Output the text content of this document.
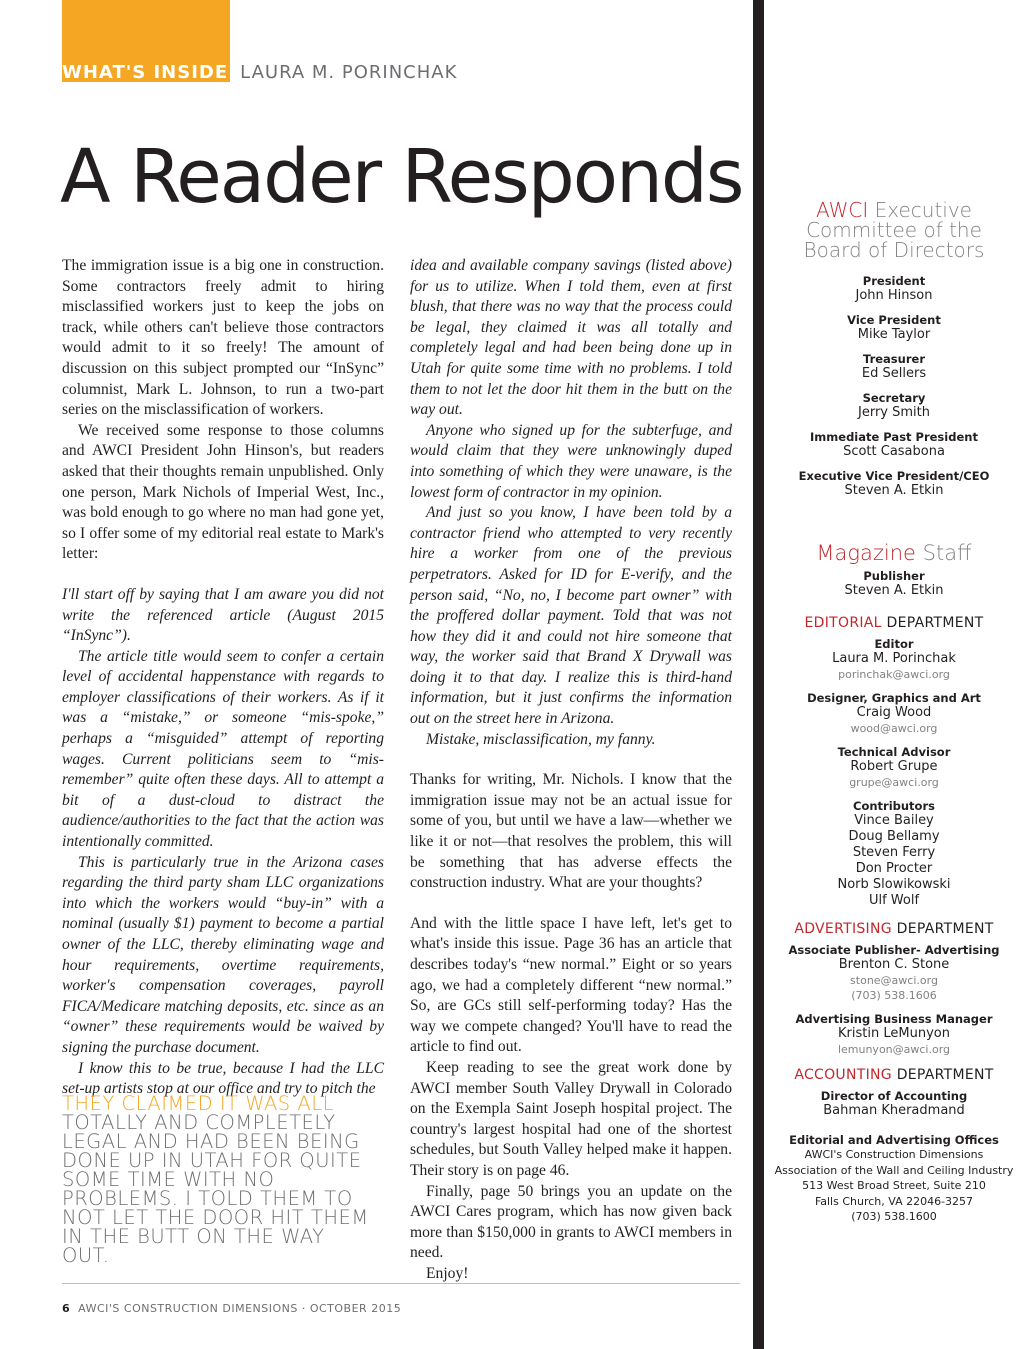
WHAT'S INSIDE LAURA M. PORINCHAK
A Reader Responds

The immigration issue is a big one in construction. Some contractors freely admit to hiring misclassified workers just to keep the jobs on track, while others can't believe those contractors would admit to it so freely! The amount of discussion on this subject prompted our “InSync” columnist, Mark L. Johnson, to run a two-part series on the misclassification of workers.

We received some response to those columns and AWCI President John Hinson's, but readers asked that their thoughts remain unpublished. Only one person, Mark Nichols of Imperial West, Inc., was bold enough to go where no man had gone yet, so I offer some of my editorial real estate to Mark's letter:

I'll start off by saying that I am aware you did not write the referenced article (August 2015 “InSync”).

The article title would seem to confer a certain level of accidental happenstance with regards to employer classifications of their workers. As if it was a “mistake,” or someone “mis-spoke,” perhaps a “misguided” attempt of reporting wages. Current politicians seem to “mis-remember” quite often these days. All to attempt a bit of a dust-cloud to distract the audience/authorities to the fact that the action was intentionally committed.

This is particularly true in the Arizona cases regarding the third party sham LLC organizations into which the workers would “buy-in” with a nominal (usually $1) payment to become a partial owner of the LLC, thereby eliminating wage and hour requirements, overtime requirements, worker's compensation coverages, payroll FICA/Medicare matching deposits, etc. since as an “owner” these requirements would be waived by signing the purchase document.

I know this to be true, because I had the LLC set-up artists stop at our office and try to pitch the

THEY CLAIMED IT WAS ALL TOTALLY AND COMPLETELY LEGAL AND HAD BEEN BEING DONE UP IN UTAH FOR QUITE SOME TIME WITH NO PROBLEMS. I TOLD THEM TO NOT LET THE DOOR HIT THEM IN THE BUTT ON THE WAY OUT.

idea and available company savings (listed above) for us to utilize. When I told them, even at first blush, that there was no way that the process could be legal, they claimed it was all totally and completely legal and had been being done up in Utah for quite some time with no problems. I told them to not let the door hit them in the butt on the way out.

Anyone who signed up for the subterfuge, and would claim that they were unknowingly duped into something of which they were unaware, is the lowest form of contractor in my opinion.

And just so you know, I have been told by a contractor friend who attempted to very recently hire a worker from one of the previous perpetrators. Asked for ID for E-verify, and the person said, “No, no, I become part owner” with the proffered dollar payment. Told that was not how they did it and could not hire someone that way, the worker said that Brand X Drywall was doing it to that day. I realize this is third-hand information, but it just confirms the information out on the street here in Arizona.

Mistake, misclassification, my fanny.

Thanks for writing, Mr. Nichols. I know that the immigration issue may not be an actual issue for some of you, but until we have a law—whether we like it or not—that resolves the problem, this will be something that has adverse effects the construction industry. What are your thoughts?

And with the little space I have left, let's get to what's inside this issue. Page 36 has an article that describes today's “new normal.” Eight or so years ago, we had a completely different “new normal.” So, are GCs still self-performing today? Has the way we compete changed? You'll have to read the article to find out.

Keep reading to see the great work done by AWCI member South Valley Drywall in Colorado on the Exempla Saint Joseph hospital project. The country's largest hospital had one of the shortest schedules, but South Valley helped make it happen. Their story is on page 46.

Finally, page 50 brings you an update on the AWCI Cares program, which has now given back more than $150,000 in grants to AWCI members in need.

Enjoy!

6 AWCI'S CONSTRUCTION DIMENSIONS · OCTOBER 2015
AWCI Executive
Committee of the
Board of Directors
President
John Hinson
Vice President
Mike Taylor
Treasurer
Ed Sellers
Secretary
Jerry Smith
Immediate Past President
Scott Casabona
Executive Vice President/CEO
Steven A. Etkin
Magazine Staff
Publisher
Steven A. Etkin
EDITORIAL DEPARTMENT
Editor
Laura M. Porinchak
porinchak@awci.org
Designer, Graphics and Art
Craig Wood
wood@awci.org
Technical Advisor
Robert Grupe
grupe@awci.org
Contributors
Vince Bailey
Doug Bellamy
Steven Ferry
Don Procter
Norb Slowikowski
Ulf Wolf
ADVERTISING DEPARTMENT
Associate Publisher- Advertising
Brenton C. Stone
stone@awci.org
(703) 538.1606
Advertising Business Manager
Kristin LeMunyon
lemunyon@awci.org
ACCOUNTING DEPARTMENT
Director of Accounting
Bahman Kheradmand
Editorial and Advertising Offices
AWCI's Construction Dimensions
Association of the Wall and Ceiling Industry
513 West Broad Street, Suite 210
Falls Church, VA 22046-3257
(703) 538.1600
